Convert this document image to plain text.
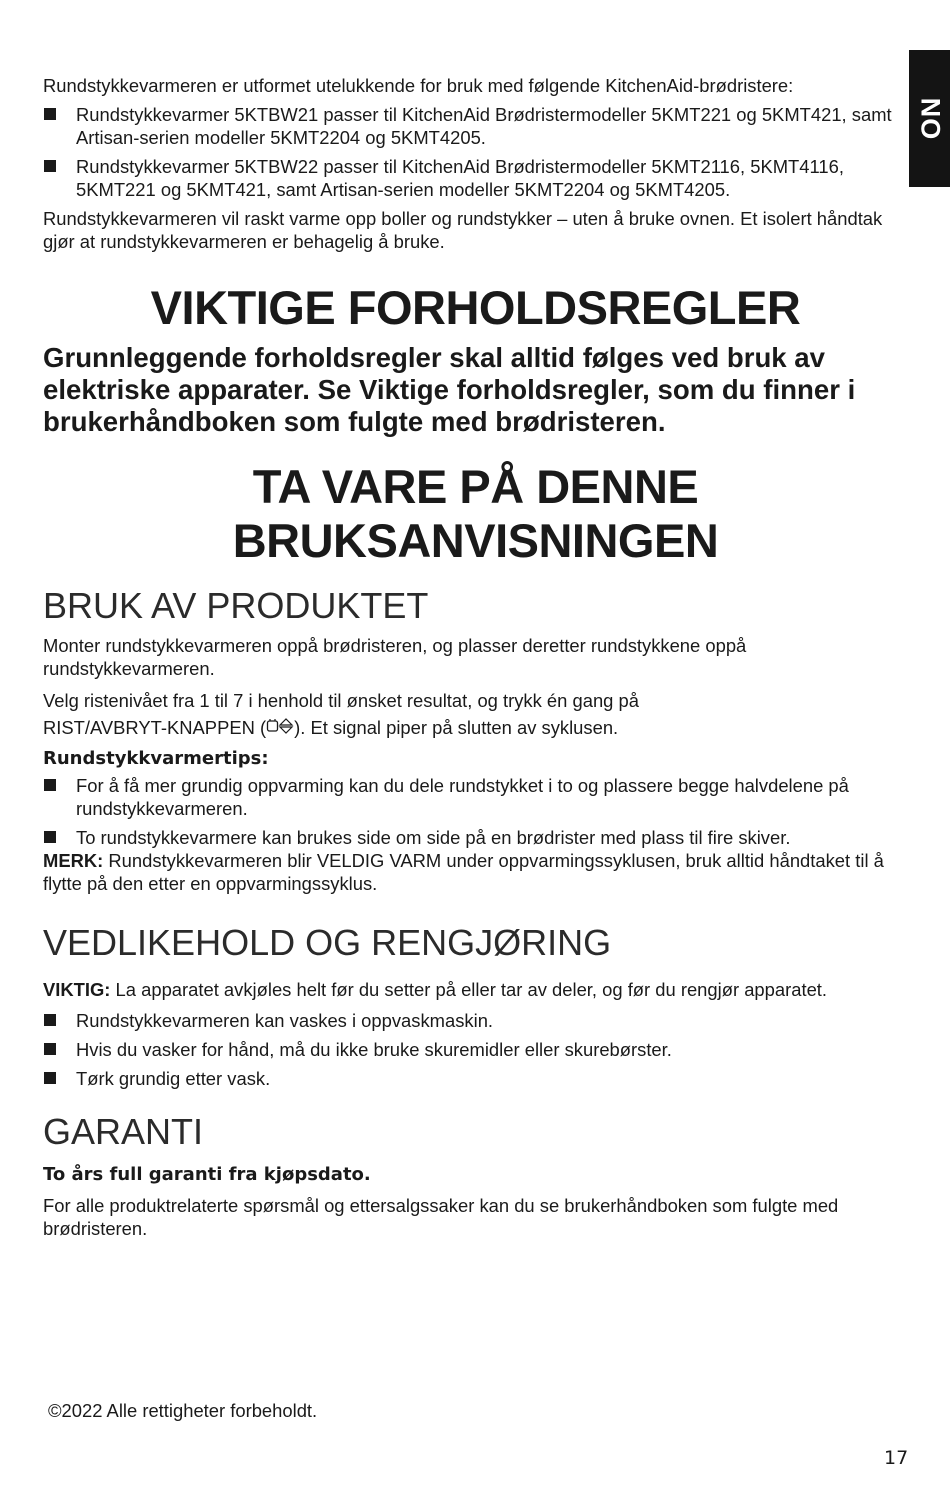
NO

Rundstykkevarmeren er utformet utelukkende for bruk med følgende KitchenAid-brødristere:

Rundstykkevarmer 5KTBW21 passer til KitchenAid Brødristermodeller 5KMT221 og 5KMT421, samt Artisan-serien modeller 5KMT2204 og 5KMT4205.
Rundstykkevarmer 5KTBW22 passer til KitchenAid Brødristermodeller 5KMT2116, 5KMT4116, 5KMT221 og 5KMT421, samt Artisan-serien modeller 5KMT2204 og 5KMT4205.

Rundstykkevarmeren vil raskt varme opp boller og rundstykker – uten å bruke ovnen. Et isolert håndtak gjør at rundstykkevarmeren er behagelig å bruke.

VIKTIGE FORHOLDSREGLER

Grunnleggende forholdsregler skal alltid følges ved bruk av elektriske apparater. Se Viktige forholdsregler, som du finner i brukerhåndboken som fulgte med brødristeren.

TA VARE PÅ DENNE
BRUKSANVISNINGEN
BRUK AV PRODUKTET

Monter rundstykkevarmeren oppå brødristeren, og plasser deretter rundstykkene oppå rundstykkevarmeren.

Velg ristenivået fra 1 til 7 i henhold til ønsket resultat, og trykk én gang på
RIST/AVBRYT-KNAPPEN ( ). Et signal piper på slutten av syklusen.

Rundstykkvarmertips:

For å få mer grundig oppvarming kan du dele rundstykket i to og plassere begge halvdelene på rundstykkevarmeren.
To rundstykkevarmere kan brukes side om side på en brødrister med plass til fire skiver.

MERK: Rundstykkevarmeren blir VELDIG VARM under oppvarmingssyklusen, bruk alltid håndtaket til å flytte på den etter en oppvarmingssyklus.

VEDLIKEHOLD OG RENGJØRING

VIKTIG: La apparatet avkjøles helt før du setter på eller tar av deler, og før du rengjør apparatet.

Rundstykkevarmeren kan vaskes i oppvaskmaskin.
Hvis du vasker for hånd, må du ikke bruke skuremidler eller skurebørster.
Tørk grundig etter vask.
GARANTI

To års full garanti fra kjøpsdato.

For alle produktrelaterte spørsmål og ettersalgssaker kan du se brukerhåndboken som fulgte med brødristeren.

©2022 Alle rettigheter forbeholdt.
17
